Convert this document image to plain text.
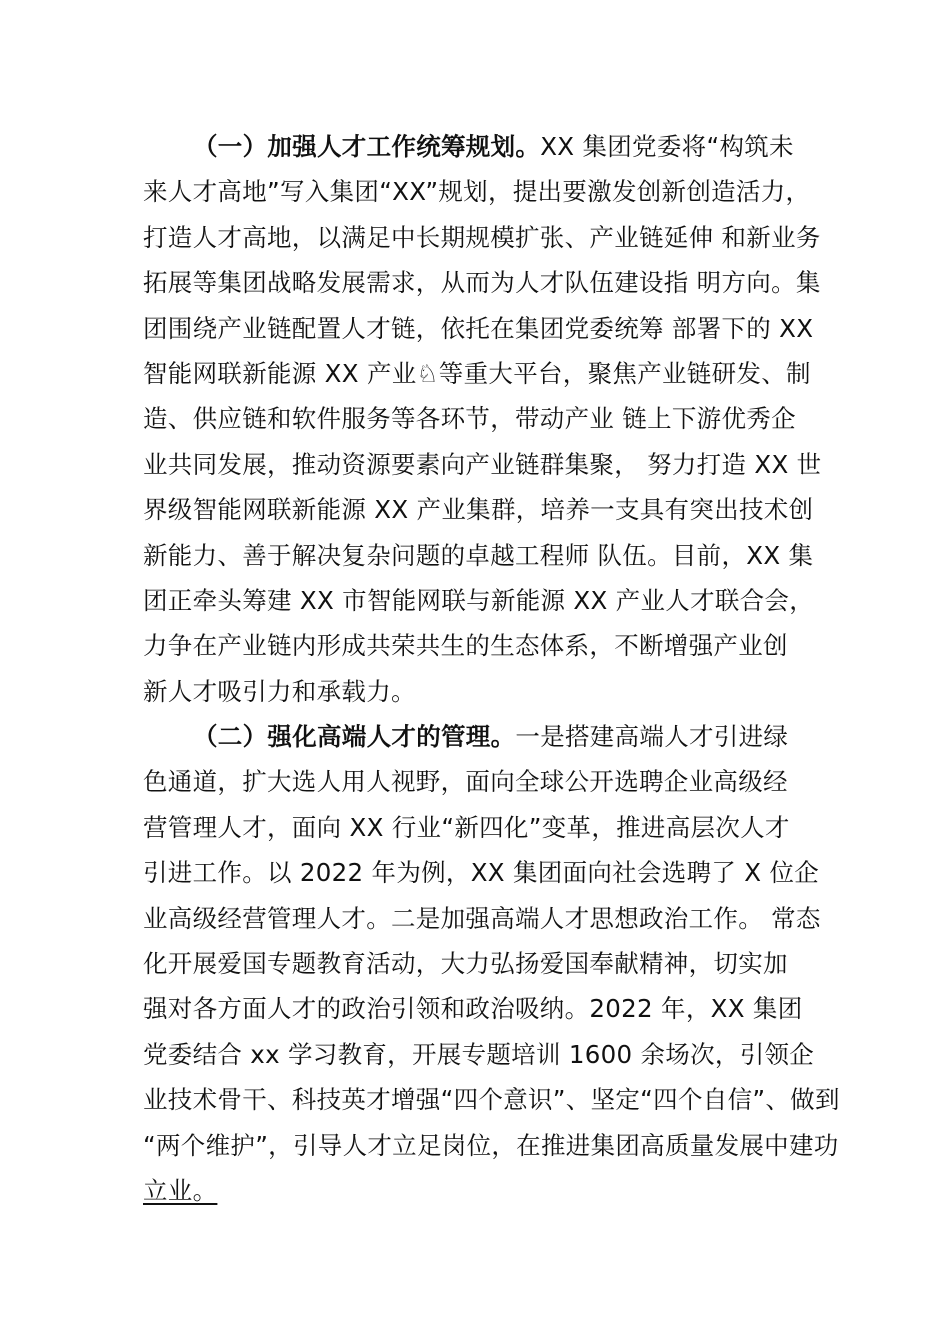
（一）加强人才工作统筹规划。XX 集团党委将“构筑未
来人才高地”写入集团“XX”规划，提出要激发创新创造活力，
打造人才高地，以满足中长期规模扩张、产业链延伸 和新业务
拓展等集团战略发展需求，从而为人才队伍建设指 明方向。集
团围绕产业链配置人才链，依托在集团党委统筹 部署下的 XX
智能网联新能源 XX 产业♘等重大平台，聚焦产业链研发、制
造、供应链和软件服务等各环节，带动产业 链上下游优秀企
业共同发展，推动资源要素向产业链群集聚， 努力打造 XX 世
界级智能网联新能源 XX 产业集群，培养一支具有突出技术创
新能力、善于解决复杂问题的卓越工程师 队伍。目前，XX 集
团正牵头筹建 XX 市智能网联与新能源 XX 产业人才联合会，
力争在产业链内形成共荣共生的生态体系，不断增强产业创
新人才吸引力和承载力。
（二）强化高端人才的管理。一是搭建高端人才引进绿
色通道，扩大选人用人视野，面向全球公开选聘企业高级经
营管理人才，面向 XX 行业“新四化”变革，推进高层次人才
引进工作。以 2022 年为例，XX 集团面向社会选聘了 X 位企
业高级经营管理人才。二是加强高端人才思想政治工作。 常态
化开展爱国专题教育活动，大力弘扬爱国奉献精神，切实加
强对各方面人才的政治引领和政治吸纳。2022 年，XX 集团
党委结合 xx 学习教育，开展专题培训 1600 余场次，引领企
业技术骨干、科技英才增强“四个意识”、坚定“四个自信”、做到
“两个维护”，引导人才立足岗位，在推进集团高质量发展中建功
立业。
